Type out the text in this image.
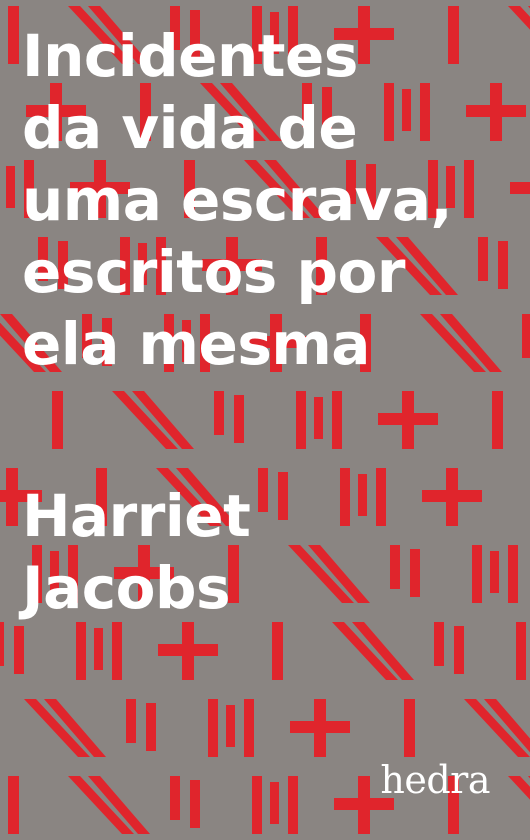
Incidentes
da vida de
uma escrava,
escritos por
ela mesma
Harriet
Jacobs
hedra
